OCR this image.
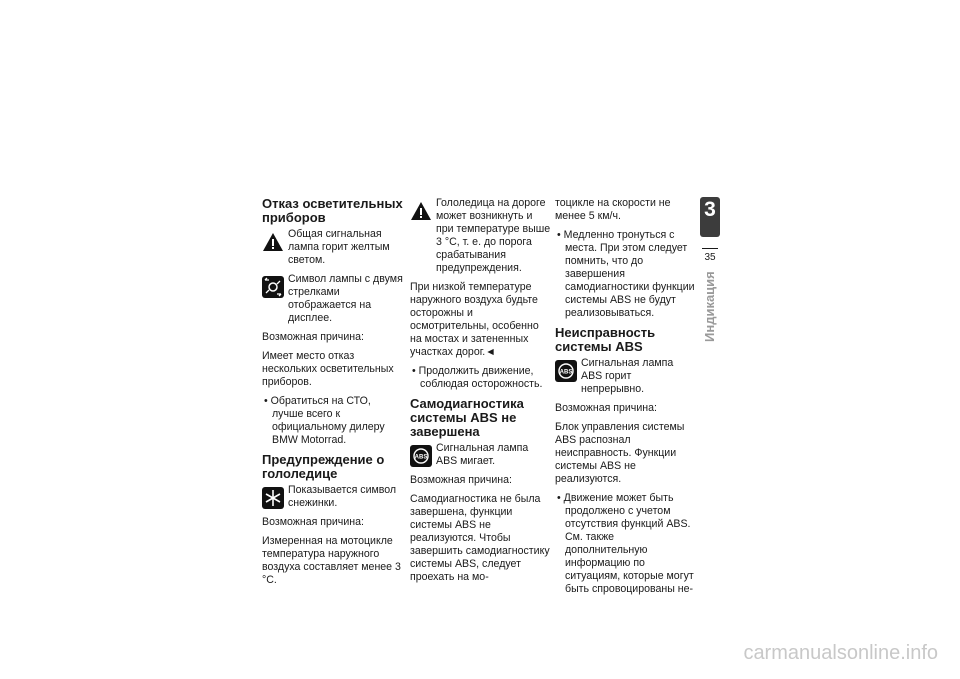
Отказ осветительных приборов
Общая сигнальная лампа горит желтым светом.
Символ лампы с двумя стрелками отображается на дисплее.

Возможная причина:

Имеет место отказ нескольких осветительных приборов.

• Обратиться на СТО, лучше всего к официальному дилеру BMW Motorrad.

Предупреждение о гололедице
Показывается символ снежинки.

Возможная причина:

Измеренная на мотоцикле температура наружного воздуха составляет менее 3 °C.

Гололедица на дороге может возникнуть и при температуре выше 3 °C, т. е. до порога срабатывания предупреждения.

При низкой температуре наружного воздуха будьте осторожны и осмотрительны, особенно на мостах и затененных участках дорог.◄

• Продолжить движение, соблюдая осторожность.

Самодиагностика системы ABS не завершена
ABS
Сигнальная лампа ABS мигает.

Возможная причина:

Самодиагностика не была завершена, функции системы ABS не реализуются. Чтобы завершить самодиагностику системы ABS, следует проехать на мо-

тоцикле на скорости не менее 5 км/ч.

• Медленно тронуться с места. При этом следует помнить, что до завершения самодиагностики функции системы ABS не будут реализовываться.

Неисправность системы ABS
ABS
Сигнальная лампа ABS горит непрерывно.

Возможная причина:

Блок управления системы ABS распознал неисправность. Функции системы ABS не реализуются.

• Движение может быть продолжено с учетом отсутствия функций ABS. См. также дополнительную информацию по ситуациям, которые могут быть спровоцированы не-

3
35
Индикация
carmanualsonline.info
